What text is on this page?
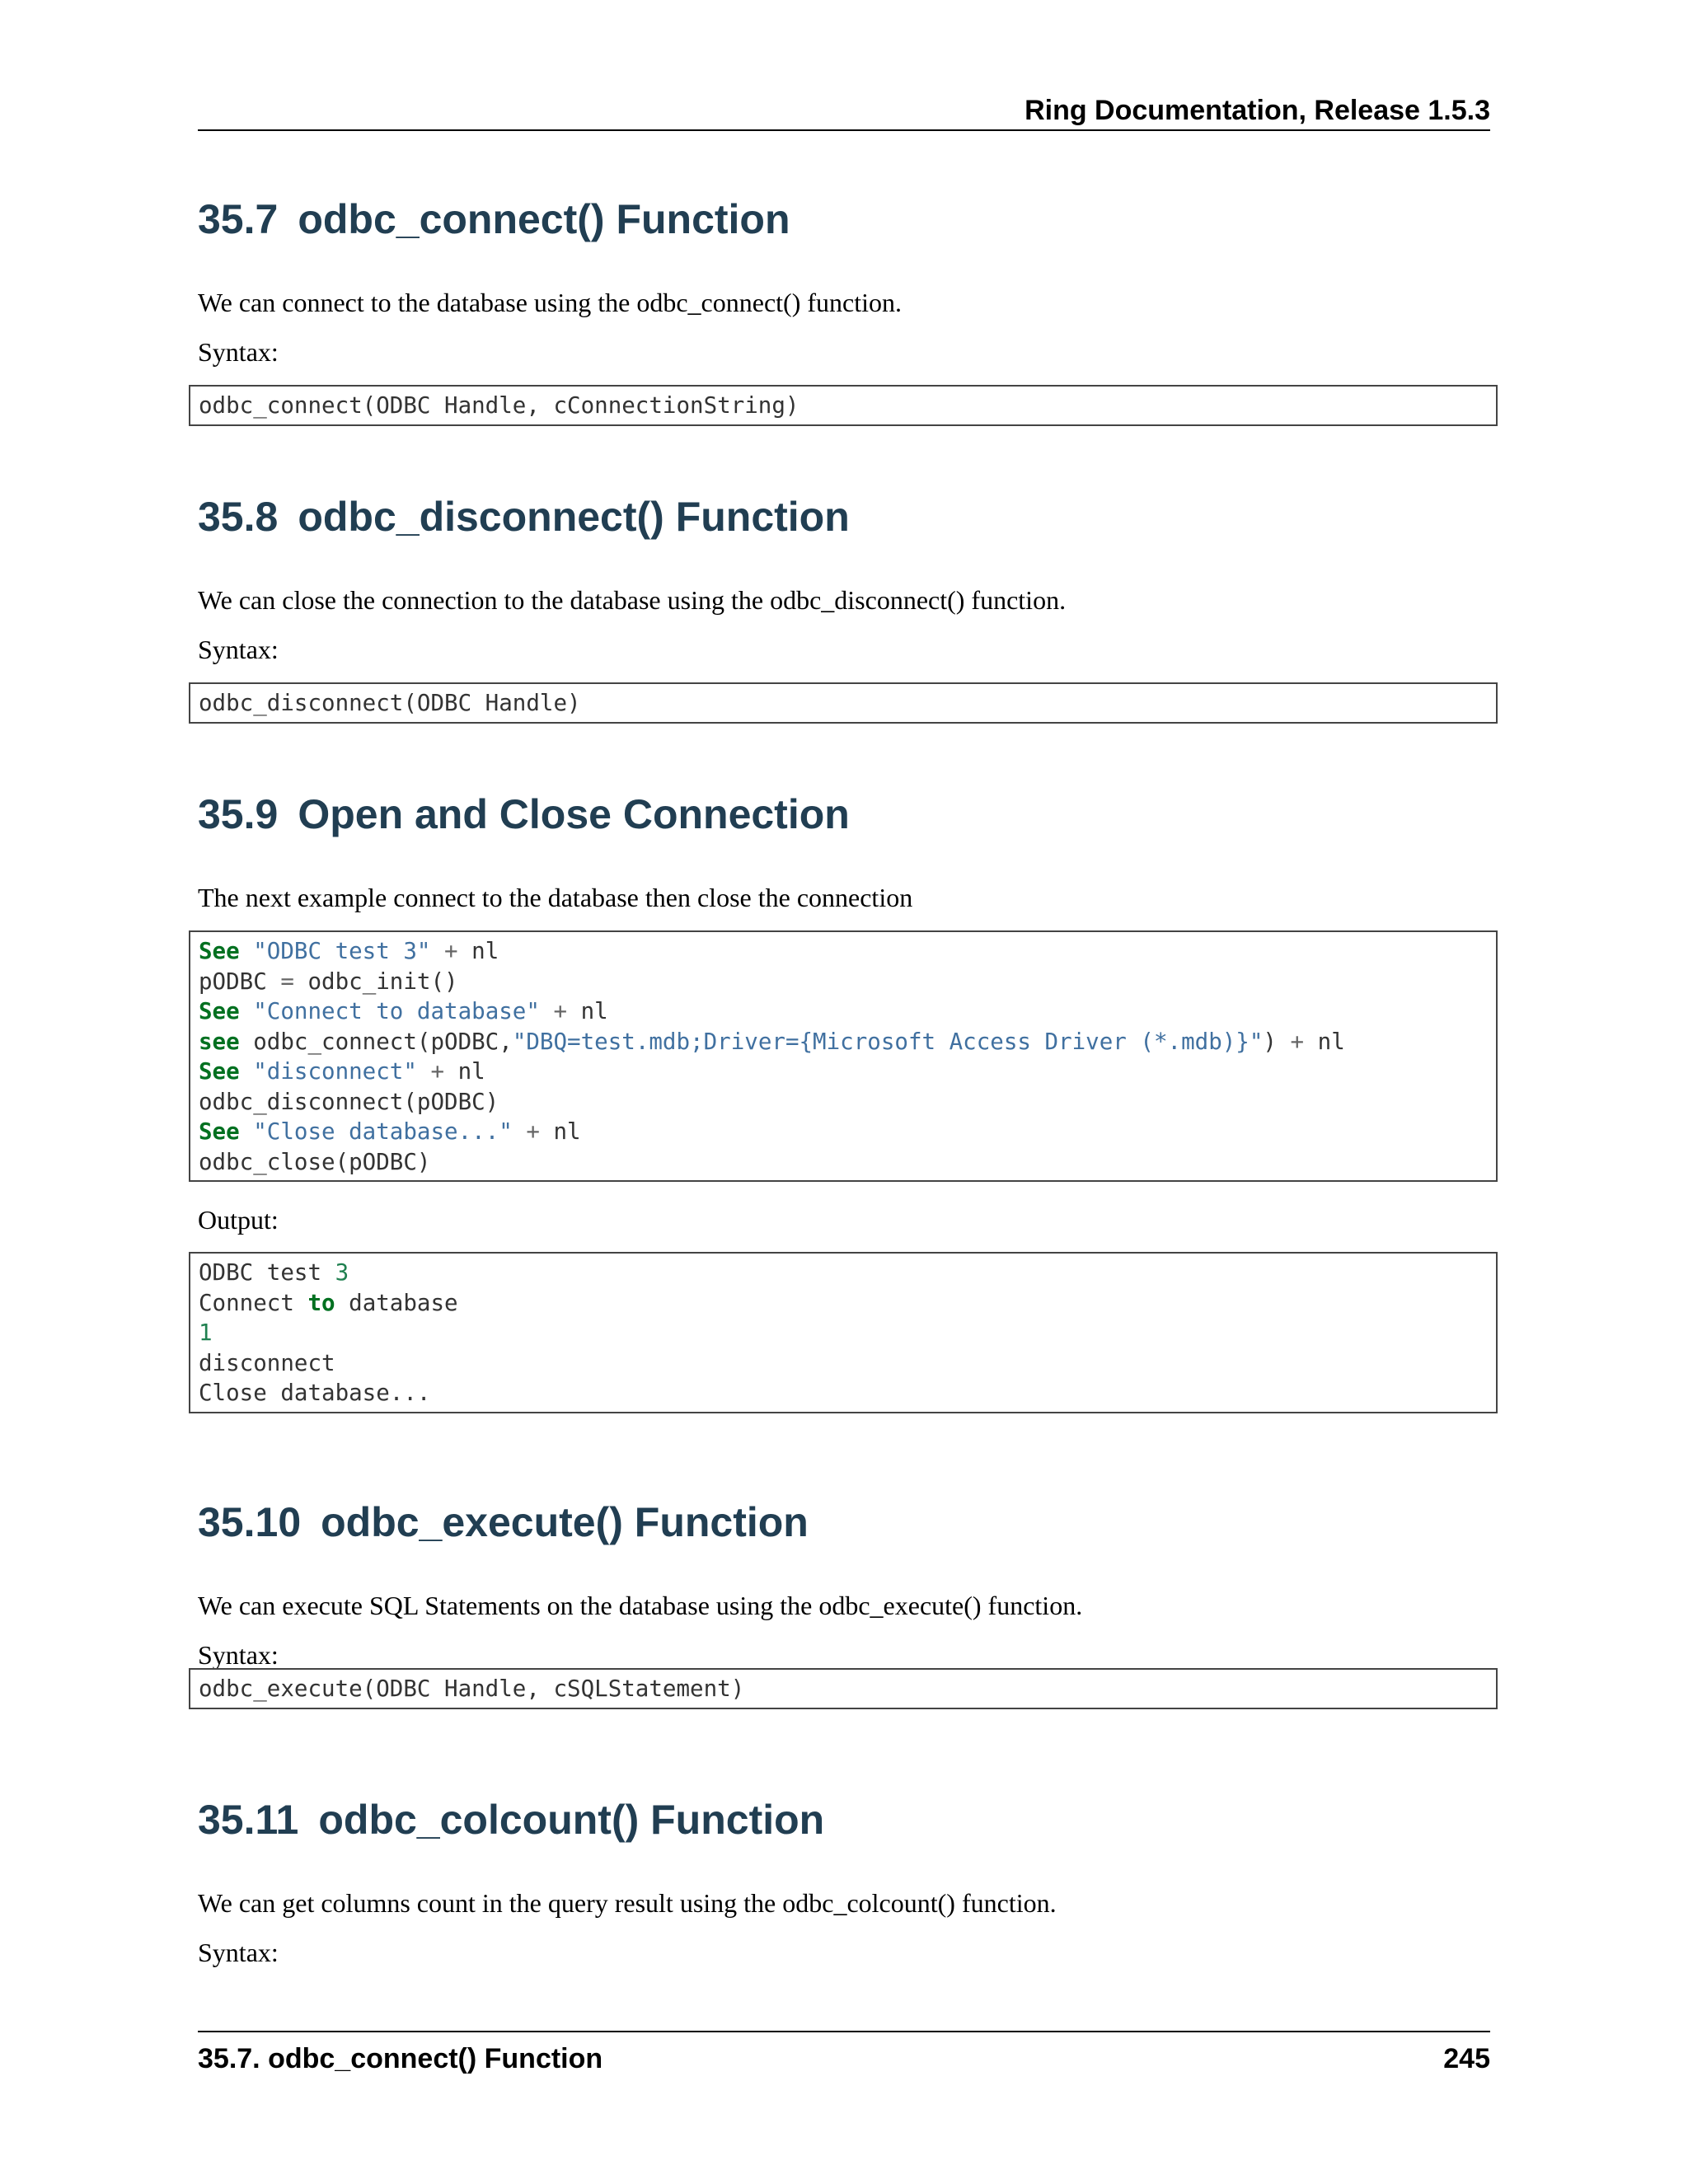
Ring Documentation, Release 1.5.3
35.7 odbc_connect() Function

We can connect to the database using the odbc_connect() function.

Syntax:

odbc_connect(ODBC Handle, cConnectionString)
35.8 odbc_disconnect() Function

We can close the connection to the database using the odbc_disconnect() function.

Syntax:

odbc_disconnect(ODBC Handle)
35.9 Open and Close Connection

The next example connect to the database then close the connection

See "ODBC test 3" + nl
pODBC = odbc_init()
See "Connect to database" + nl
see odbc_connect(pODBC,"DBQ=test.mdb;Driver={Microsoft Access Driver (*.mdb)}") + nl
See "disconnect" + nl
odbc_disconnect(pODBC)
See "Close database..." + nl
odbc_close(pODBC)

Output:

ODBC test 3
Connect to database
1
disconnect
Close database...
35.10 odbc_execute() Function

We can execute SQL Statements on the database using the odbc_execute() function.

Syntax:

odbc_execute(ODBC Handle, cSQLStatement)
35.11 odbc_colcount() Function

We can get columns count in the query result using the odbc_colcount() function.

Syntax:

35.7. odbc_connect() Function	245
